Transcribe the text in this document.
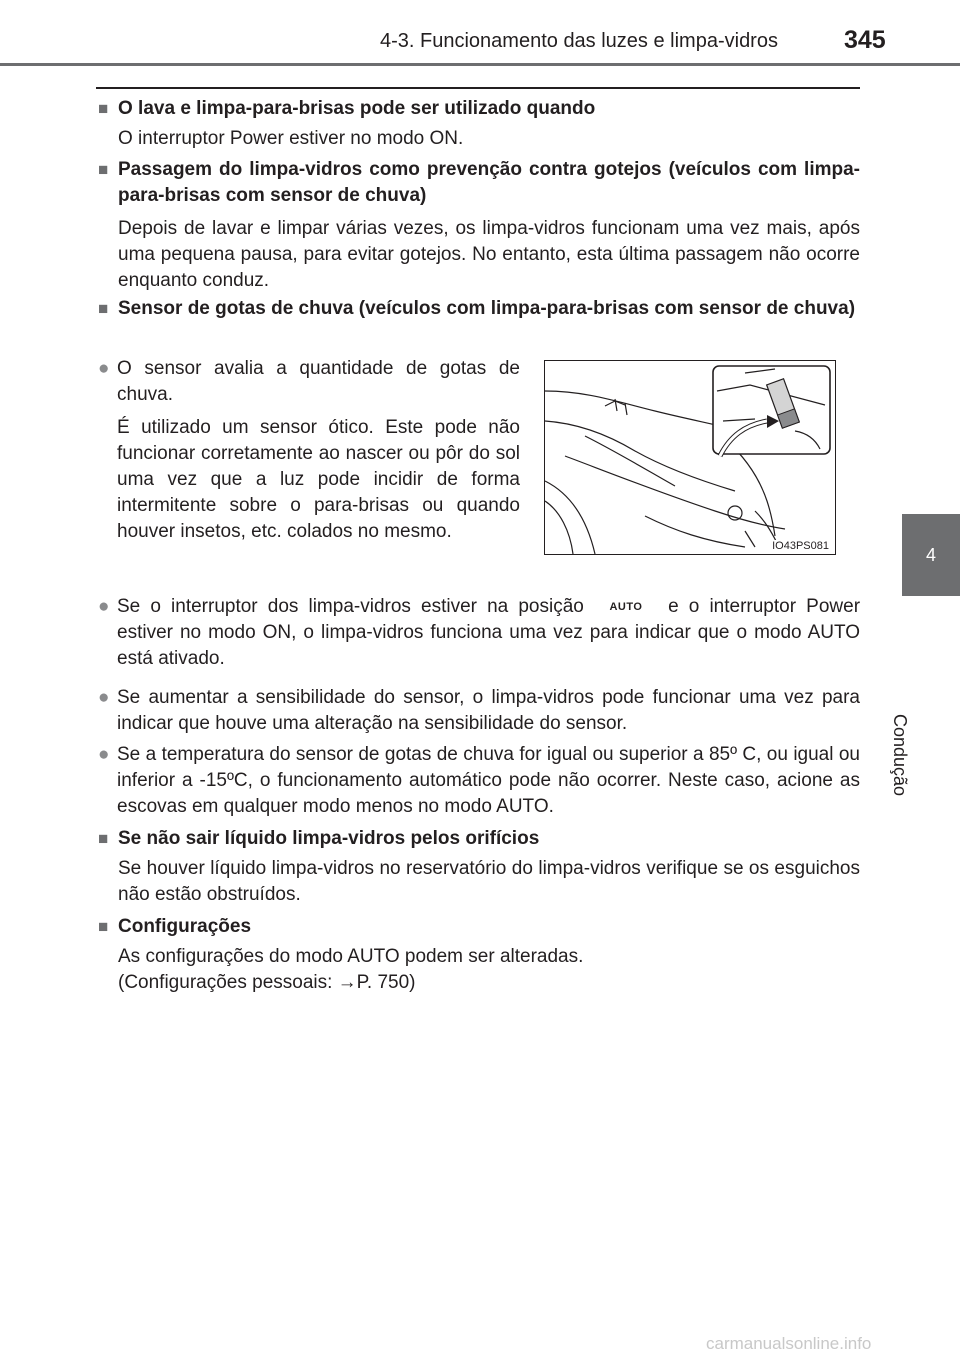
4-3. Funcionamento das luzes e limpa-vidros	345
4
Condução
■ O lava e limpa-para-brisas pode ser utilizado quando
O interruptor Power estiver no modo ON.
■ Passagem do limpa-vidros como prevenção contra gotejos (veículos com limpa-para-brisas com sensor de chuva)
Depois de lavar e limpar várias vezes, os limpa-vidros funcionam uma vez mais, após uma pequena pausa, para evitar gotejos. No entanto, esta última passagem não ocorre enquanto conduz.
■ Sensor de gotas de chuva (veículos com limpa-para-brisas com sensor de chuva)
● O sensor avalia a quantidade de gotas de chuva.
É utilizado um sensor ótico. Este pode não funcionar corretamente ao nascer ou pôr do sol uma vez que a luz pode incidir de forma intermitente sobre o para-brisas ou quando houver insetos, etc. colados no mesmo.
IO43PS081
● Se o interruptor dos limpa-vidros estiver na posição AUTO e o interruptor Power estiver no modo ON, o limpa-vidros funciona uma vez para indicar que o modo AUTO está ativado.
● Se aumentar a sensibilidade do sensor, o limpa-vidros pode funcionar uma vez para indicar que houve uma alteração na sensibilidade do sensor.
● Se a temperatura do sensor de gotas de chuva for igual ou superior a 85º C, ou igual ou inferior a -15ºC, o funcionamento automático pode não ocorrer. Neste caso, acione as escovas em qualquer modo menos no modo AUTO.
■ Se não sair líquido limpa-vidros pelos orifícios
Se houver líquido limpa-vidros no reservatório do limpa-vidros verifique se os esguichos não estão obstruídos.
■ Configurações
As configurações do modo AUTO podem ser alteradas.
(Configurações pessoais: →P. 750)
carmanualsonline.info
